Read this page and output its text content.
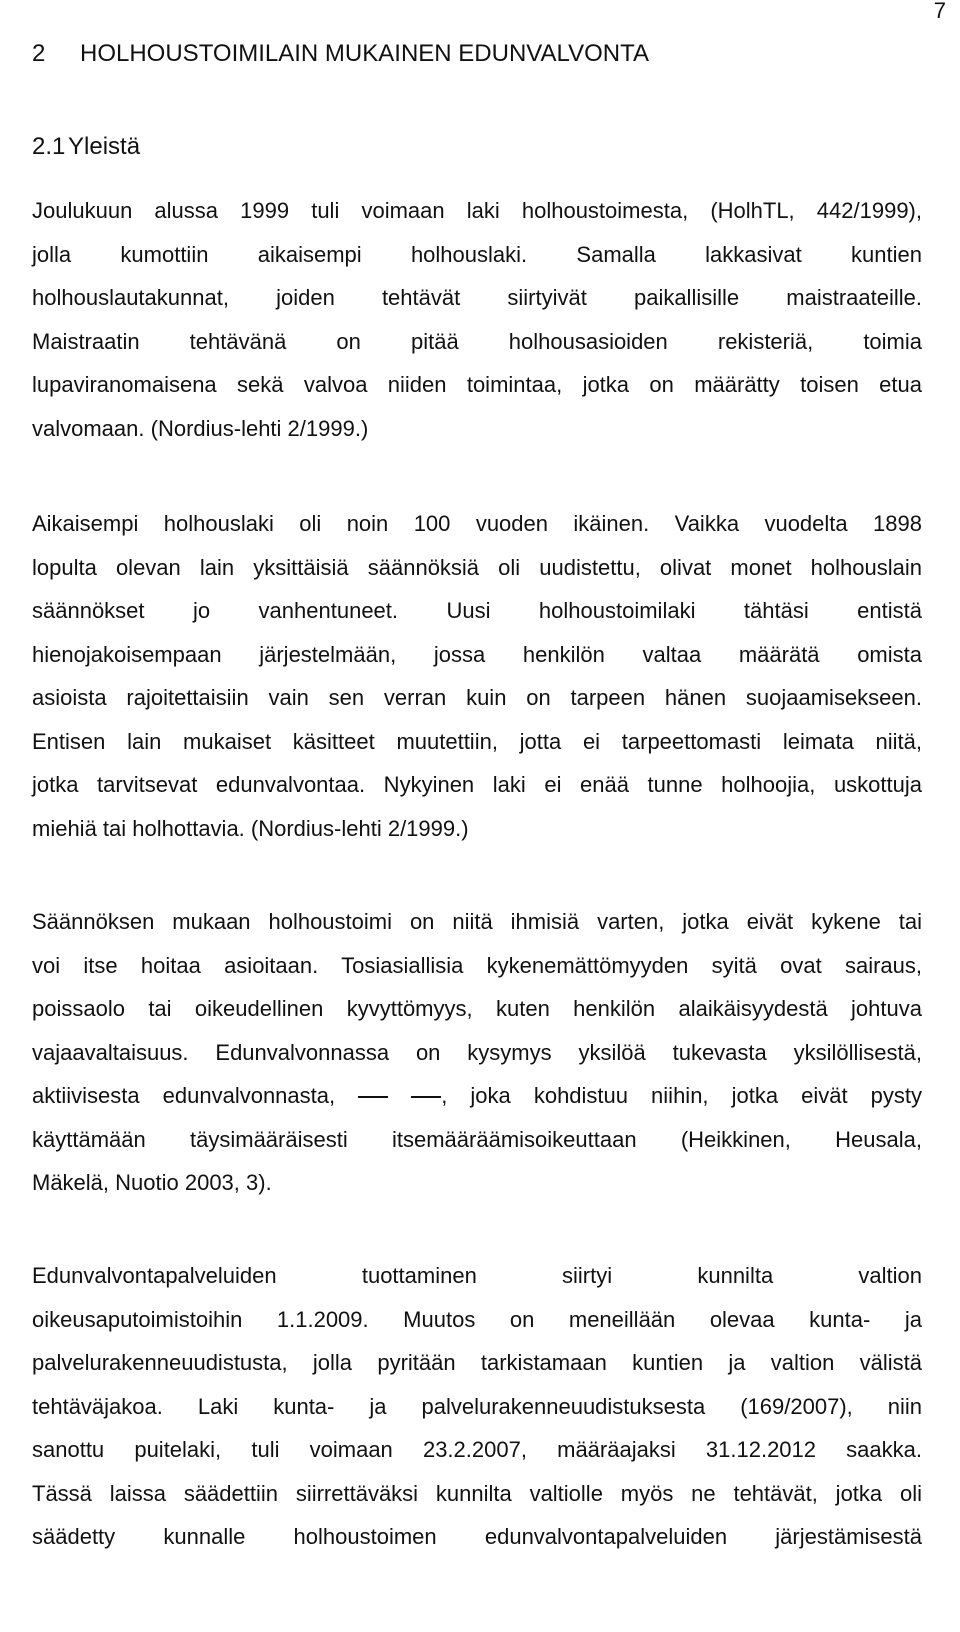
7
2 HOLHOUSTOIMILAIN MUKAINEN EDUNVALVONTA
2.1 Yleistä
Joulukuun alussa 1999 tuli voimaan laki holhoustoimesta, (HolhTL, 442/1999),
jolla kumottiin aikaisempi holhouslaki. Samalla lakkasivat kuntien
holhouslautakunnat, joiden tehtävät siirtyivät paikallisille maistraateille.
Maistraatin tehtävänä on pitää holhousasioiden rekisteriä, toimia
lupaviranomaisena sekä valvoa niiden toimintaa, jotka on määrätty toisen etua
valvomaan. (Nordius-lehti 2/1999.)
Aikaisempi holhouslaki oli noin 100 vuoden ikäinen. Vaikka vuodelta 1898
lopulta olevan lain yksittäisiä säännöksiä oli uudistettu, olivat monet holhouslain
säännökset jo vanhentuneet. Uusi holhoustoimilaki tähtäsi entistä
hienojakoisempaan järjestelmään, jossa henkilön valtaa määrätä omista
asioista rajoitettaisiin vain sen verran kuin on tarpeen hänen suojaamisekseen.
Entisen lain mukaiset käsitteet muutettiin, jotta ei tarpeettomasti leimata niitä,
jotka tarvitsevat edunvalvontaa. Nykyinen laki ei enää tunne holhoojia, uskottuja
miehiä tai holhottavia. (Nordius-lehti 2/1999.)
Säännöksen mukaan holhoustoimi on niitä ihmisiä varten, jotka eivät kykene tai
voi itse hoitaa asioitaan. Tosiasiallisia kykenemättömyyden syitä ovat sairaus,
poissaolo tai oikeudellinen kyvyttömyys, kuten henkilön alaikäisyydestä johtuva
vajaavaltaisuus. Edunvalvonnassa on kysymys yksilöä tukevasta yksilöllisestä,
aktiivisesta edunvalvonnasta,	, joka kohdistuu niihin, jotka eivät pysty
käyttämään täysimääräisesti itsemääräämisoikeuttaan (Heikkinen, Heusala,
Mäkelä, Nuotio 2003, 3).
Edunvalvontapalveluiden tuottaminen siirtyi kunnilta valtion
oikeusaputoimistoihin 1.1.2009. Muutos on meneillään olevaa kunta- ja
palvelurakenneuudistusta, jolla pyritään tarkistamaan kuntien ja valtion välistä
tehtäväjakoa. Laki kunta- ja palvelurakenneuudistuksesta (169/2007), niin
sanottu puitelaki, tuli voimaan 23.2.2007, määräajaksi 31.12.2012 saakka.
Tässä laissa säädettiin siirrettäväksi kunnilta valtiolle myös ne tehtävät, jotka oli
säädetty kunnalle holhoustoimen edunvalvontapalveluiden järjestämisestä
